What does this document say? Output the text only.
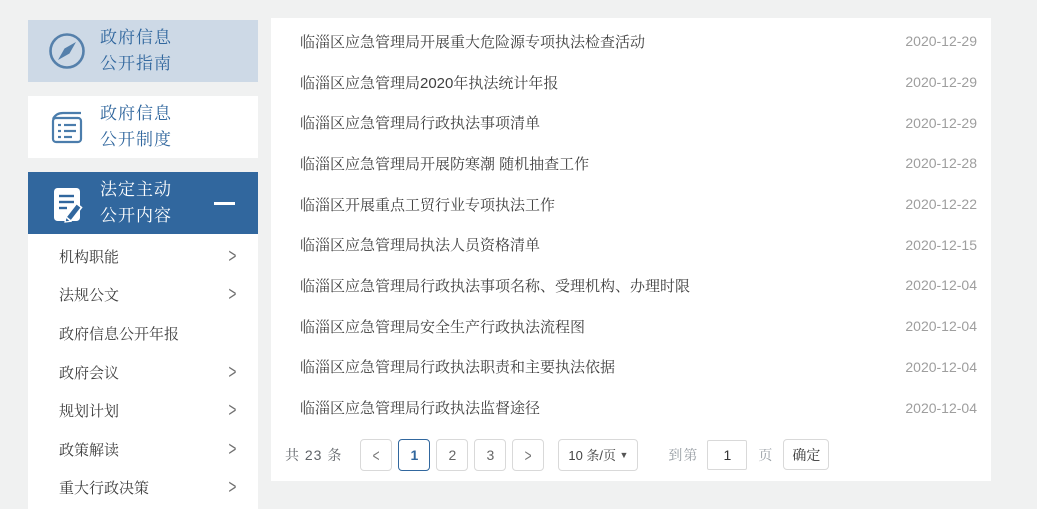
政府信息
公开指南
政府信息
公开制度
法定主动
公开内容
机构职能	>
法规公文	>
政府信息公开年报
政府会议	>
规划计划	>
政策解读	>
重大行政决策	>
临淄区应急管理局开展重大危险源专项执法检查活动	2020-12-29
临淄区应急管理局2020年执法统计年报	2020-12-29
临淄区应急管理局行政执法事项清单	2020-12-29
临淄区应急管理局开展防寒潮 随机抽查工作	2020-12-28
临淄区开展重点工贸行业专项执法工作	2020-12-22
临淄区应急管理局执法人员资格清单	2020-12-15
临淄区应急管理局行政执法事项名称、受理机构、办理时限	2020-12-04
临淄区应急管理局安全生产行政执法流程图	2020-12-04
临淄区应急管理局行政执法职责和主要执法依据	2020-12-04
临淄区应急管理局行政执法监督途径	2020-12-04
共 23 条 <	1	2	3	>	10 条/页 ▼	到第
1	页	确定
